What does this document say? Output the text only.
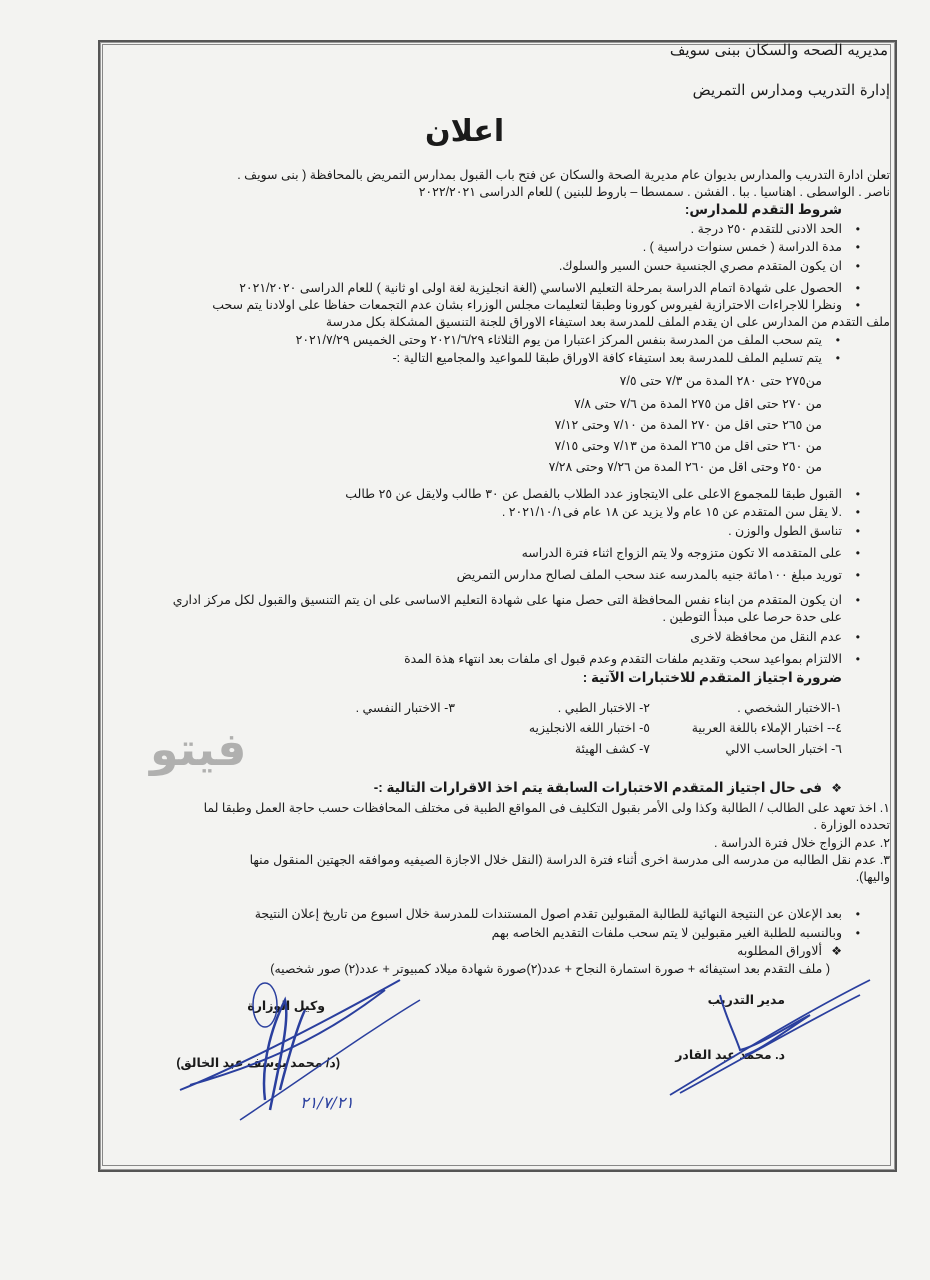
مديريه الصحه والسكان ببنى سويف
إدارة التدريب ومدارس التمريض
اعلان
تعلن ادارة التدريب والمدارس بديوان عام مديرية الصحة والسكان عن فتح باب القبول بمدارس التمريض بالمحافظة ( بنى سويف .
ناصر . الواسطى . اهناسيا . ببا . الفشن . سمسطا – باروط للبنين ) للعام الدراسى ٢٠٢٢/٢٠٢١
شروط التقدم للمدارس:
• الحد الادنى للتقدم ٢٥٠ درجة .
• مدة الدراسة ( خمس سنوات دراسية ) .
• ان يكون المتقدم مصري الجنسية حسن السير والسلوك.
• الحصول على شهادة اتمام الدراسة بمرحلة التعليم الاساسي (الغة انجليزية لغة اولى او ثانية ) للعام الدراسى ٢٠٢١/٢٠٢٠
• ونظرا للاجراءات الاحترازية لفيروس كورونا وطبقا لتعليمات مجلس الوزراء بشان عدم التجمعات حفاظا على اولادنا يتم سحب
ملف التقدم من المدارس على ان يقدم الملف للمدرسة بعد استيفاء الاوراق للجنة التنسيق المشكلة بكل مدرسة
• يتم سحب الملف من المدرسة بنفس المركز اعتبارا من يوم الثلاثاء ٢٠٢١/٦/٢٩ وحتى الخميس ٢٠٢١/٧/٢٩
• يتم تسليم الملف للمدرسة بعد استيفاء كافة الاوراق طبقا للمواعيد والمجاميع التالية :-
من٢٧٥ حتى ٢٨٠ المدة من ٧/٣ حتى ٧/٥
من ٢٧٠ حتى اقل من ٢٧٥ المدة من ٧/٦ حتى ٧/٨
من ٢٦٥ حتى اقل من ٢٧٠ المدة من ٧/١٠ وحتى ٧/١٢
من ٢٦٠ حتى اقل من ٢٦٥ المدة من ٧/١٣ وحتى ٧/١٥
من ٢٥٠ وحتى اقل من ٢٦٠ المدة من ٧/٢٦ وحتى ٧/٢٨
• القبول طبقا للمجموع الاعلى على الايتجاوز عدد الطلاب بالفصل عن ٣٠ طالب ولايقل عن ٢٥ طالب
• .لا يقل سن المتقدم عن ١٥ عام ولا يزيد عن ١٨ عام فى٢٠٢١/١٠/١ .
• تناسق الطول والوزن .
• على المتقدمه الا تكون متزوجه ولا يتم الزواج اثناء فترة الدراسه
• توريد مبلغ ١٠٠مائة جنيه بالمدرسه عند سحب الملف لصالح مدارس التمريض
• ان يكون المتقدم من ابناء نفس المحافظة التى حصل منها على شهادة التعليم الاساسى على ان يتم التنسيق والقبول لكل مركز اداري
على حدة حرصا على مبدأ التوطين .
• عدم النقل من محافظة لاخرى
• الالتزام بمواعيد سحب وتقديم ملفات التقدم وعدم قبول اى ملفات بعد انتهاء هذة المدة
ضرورة اجتياز المتقدم للاختبارات الآتية :
١-الاختبار الشخصي .
٢- الاختبار الطبي .
٣- الاختبار النفسي .
٤-- اختبار الإملاء باللغة العربية
٥- اختبار اللغه الانجليزيه
٦- اختبار الحاسب الالي
٧- كشف الهيئة
فيتو
❖ فى حال اجتياز المتقدم الاختبارات السابقة يتم اخذ الاقرارات التالية :-
١. اخذ تعهد على الطالب / الطالبة وكذا ولى الأمر بقبول التكليف فى المواقع الطبية فى مختلف المحافظات حسب حاجة العمل وطبقا لما
تحدده الوزارة .
٢. عدم الزواج خلال فترة الدراسة .
٣. عدم نقل الطالبه من مدرسه الى مدرسة اخرى أثناء فترة الدراسة (النقل خلال الاجازة الصيفيه وموافقه الجهتين المنقول منها
واليها).
• بعد الإعلان عن النتيجة النهائية للطالبة المقبولين تقدم اصول المستندات للمدرسة خلال اسبوع من تاريخ إعلان النتيجة
• وبالنسبه للطلبة الغير مقبولين لا يتم سحب ملفات التقديم الخاصه بهم
❖ ألاوراق المطلوبه
( ملف التقدم بعد استيفائه + صورة استمارة النجاح + عدد(٢)صورة شهادة ميلاد كمبيوتر + عدد(٢) صور شخصيه)
مدير التدريب
د. محمد عبد القادر
وكيل الوزارة
(د/ محمد يوسف عبد الخالق)
٢١/٧/٢١
